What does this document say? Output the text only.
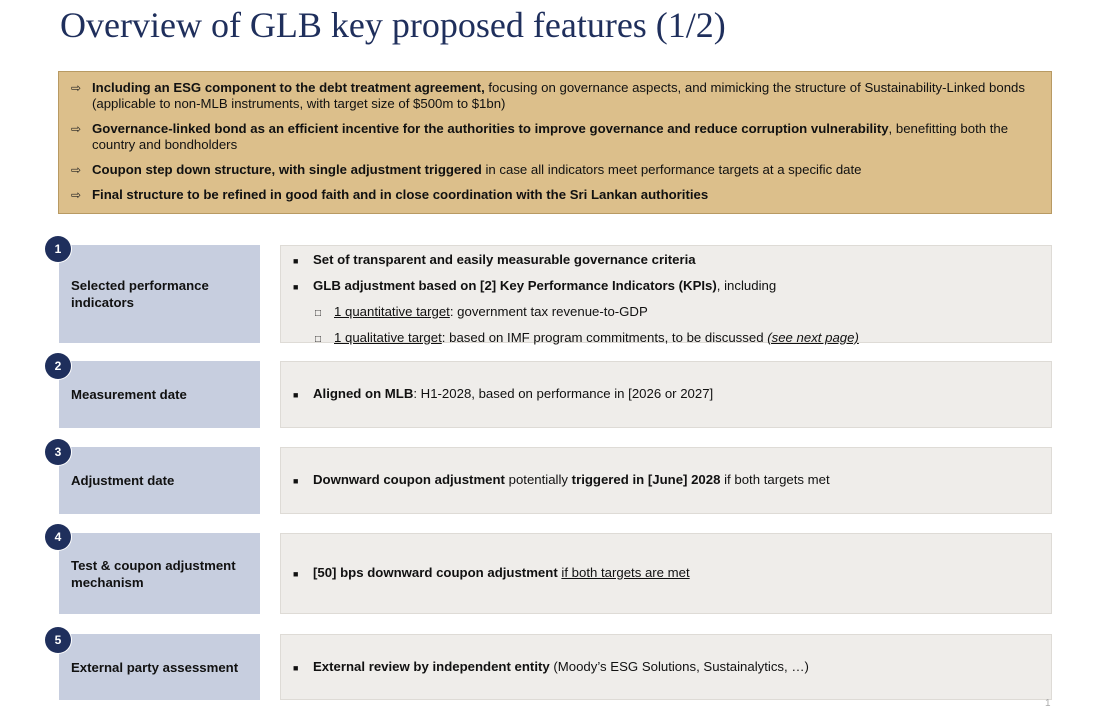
Overview of GLB key proposed features (1/2)
⇨ Including an ESG component to the debt treatment agreement, focusing on governance aspects, and mimicking the structure of Sustainability-Linked bonds (applicable to non-MLB instruments, with target size of $500m to $1bn)
⇨ Governance-linked bond as an efficient incentive for the authorities to improve governance and reduce corruption vulnerability, benefitting both the country and bondholders
⇨ Coupon step down structure, with single adjustment triggered in case all indicators meet performance targets at a specific date
⇨ Final structure to be refined in good faith and in close coordination with the Sri Lankan authorities
Selected performance indicators
1
■	Set of transparent and easily measurable governance criteria
■	GLB adjustment based on [2] Key Performance Indicators (KPIs), including
□ 1 quantitative target: government tax revenue-to-GDP
□ 1 qualitative target: based on IMF program commitments, to be discussed (see next page)
Measurement date
2
■	Aligned on MLB: H1-2028, based on performance in [2026 or 2027]
Adjustment date
3
■	Downward coupon adjustment potentially triggered in [June] 2028 if both targets met
Test & coupon adjustment mechanism
4
■	[50] bps downward coupon adjustment if both targets are met
External party assessment
5
■	External review by independent entity (Moody’s ESG Solutions, Sustainalytics, …)
1
